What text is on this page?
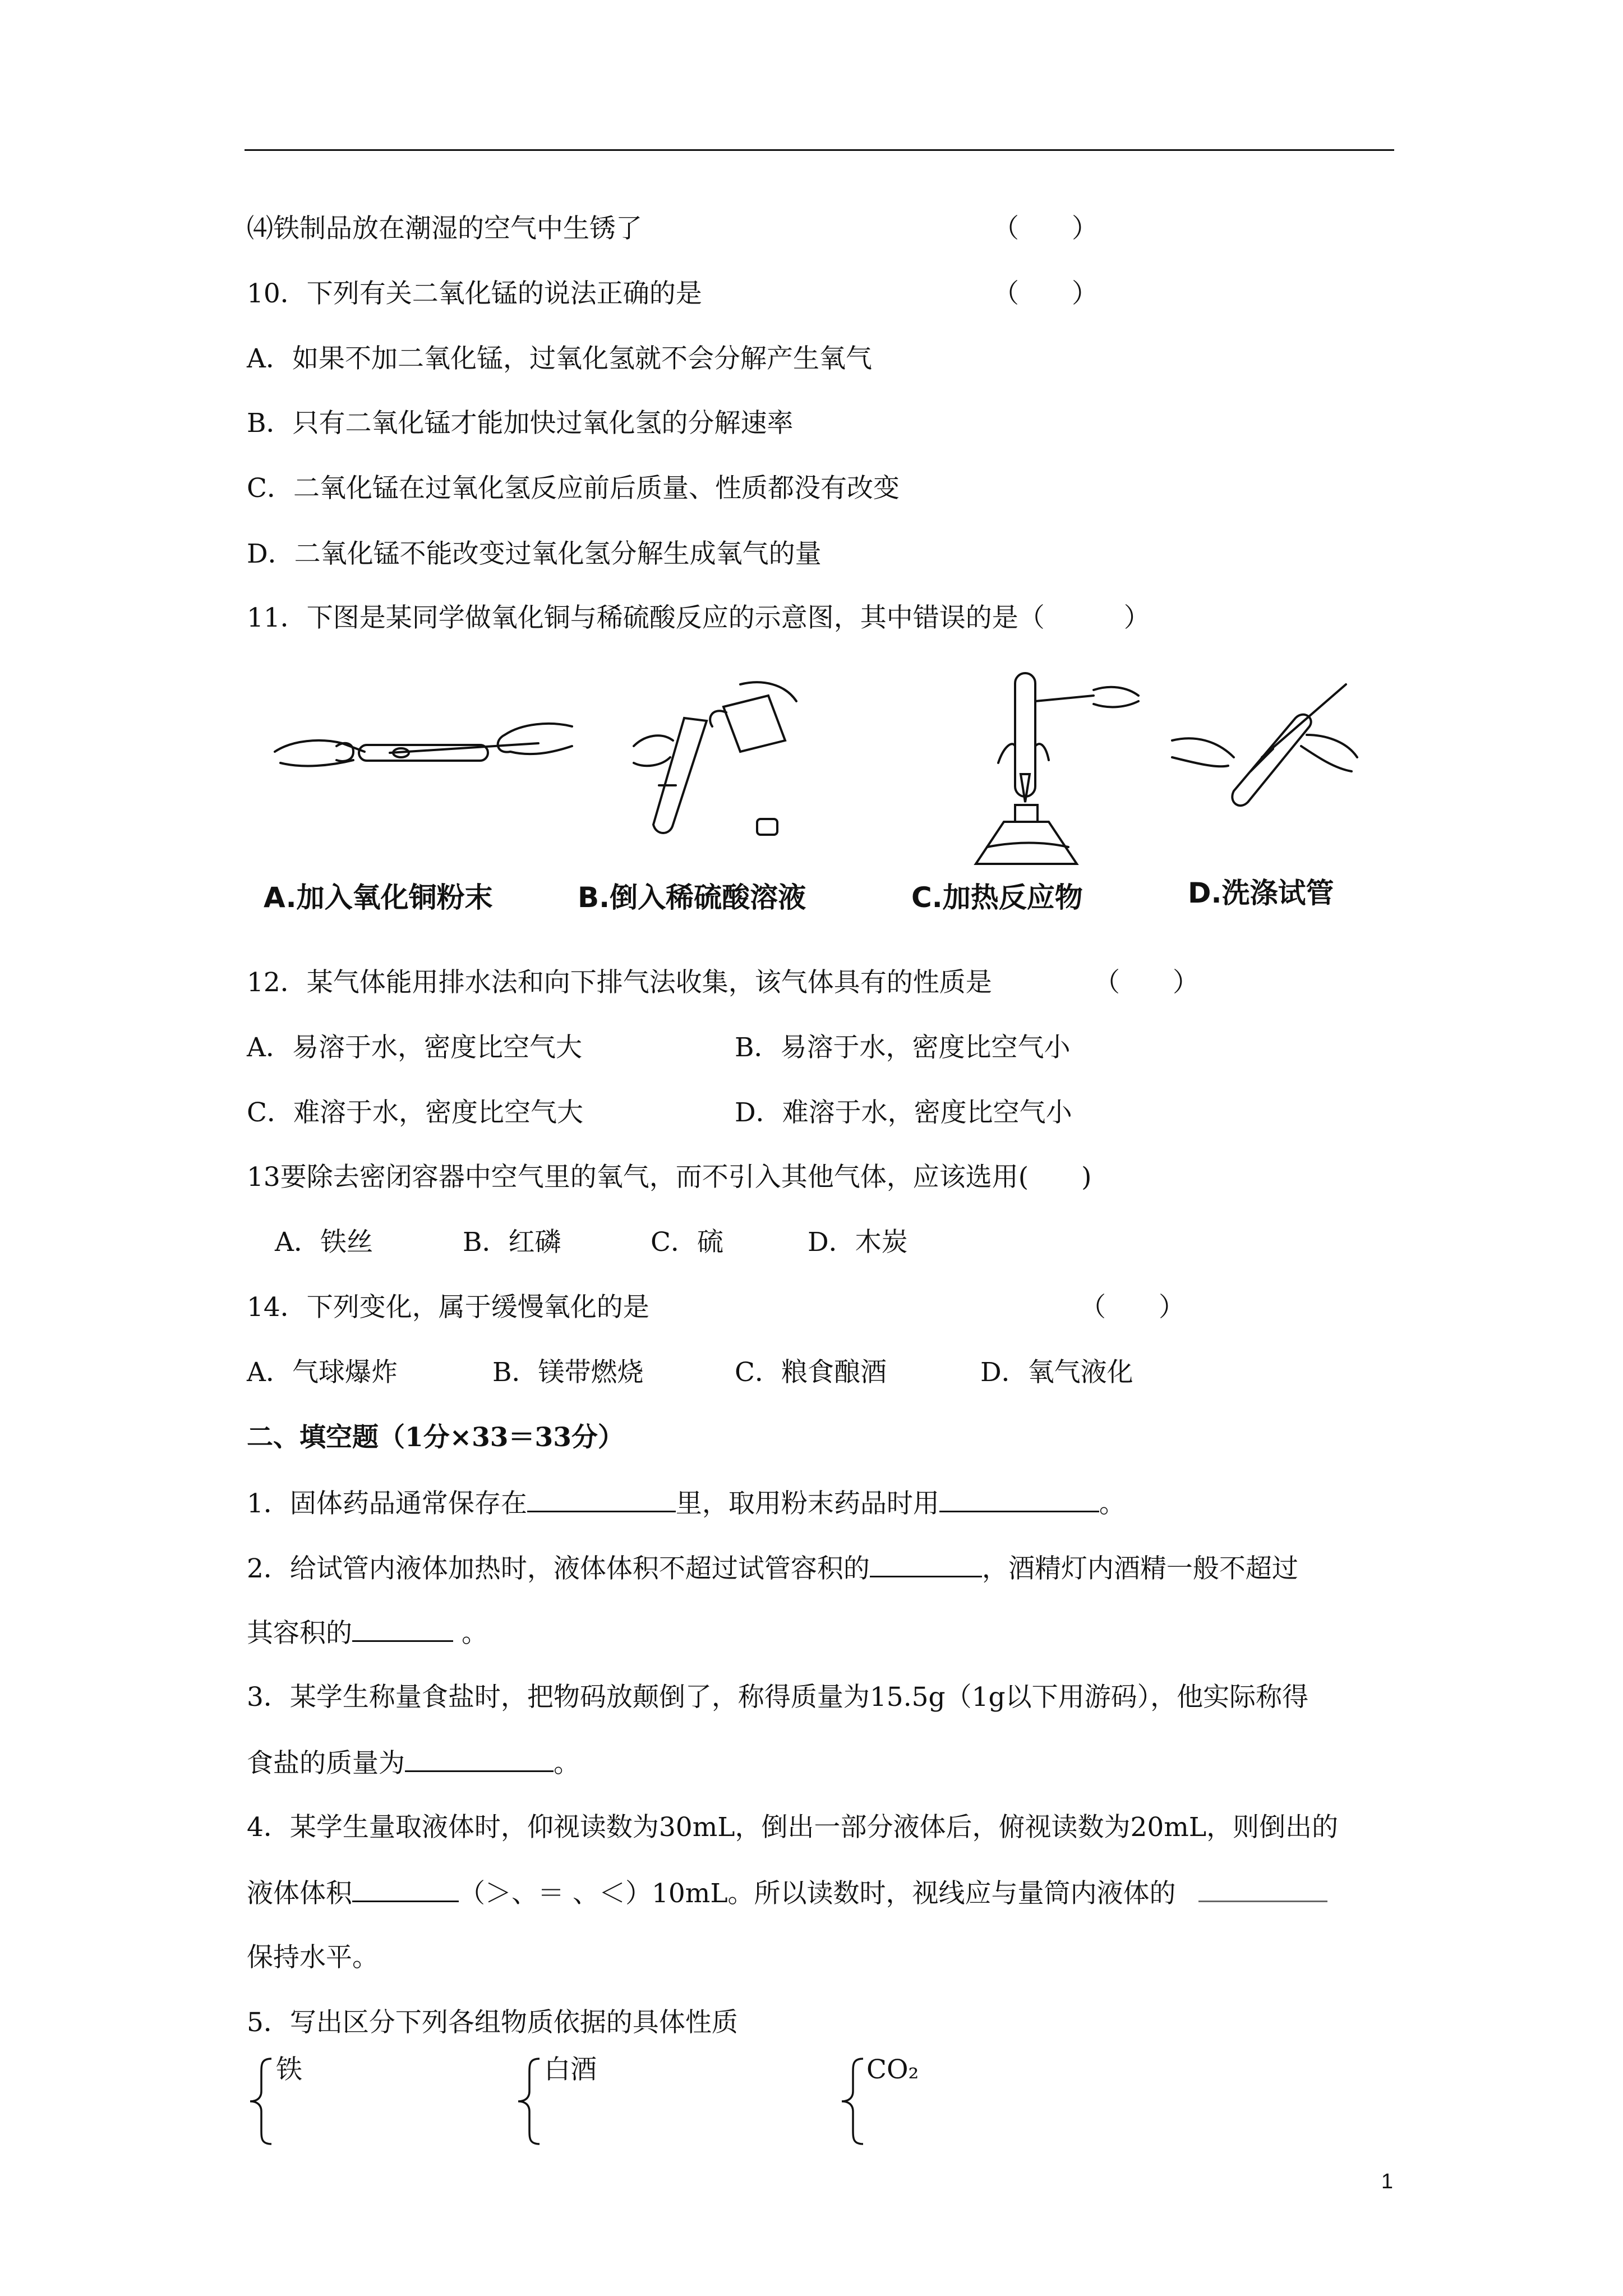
⑷铁制品放在潮湿的空气中生锈了	（　　）
10．下列有关二氧化锰的说法正确的是	（　　）
A．如果不加二氧化锰，过氧化氢就不会分解产生氧气
B．只有二氧化锰才能加快过氧化氢的分解速率
C．二氧化锰在过氧化氢反应前后质量、性质都没有改变
D．二氧化锰不能改变过氧化氢分解生成氧气的量
11．下图是某同学做氧化铜与稀硫酸反应的示意图，其中错误的是（　　　）
A.加入氧化铜粉末	B.倒入稀硫酸溶液	C.加热反应物	D.洗涤试管
12．某气体能用排水法和向下排气法收集，该气体具有的性质是	（　　）
A．易溶于水，密度比空气大	B．易溶于水，密度比空气小
C．难溶于水，密度比空气大	D．难溶于水，密度比空气小
13要除去密闭容器中空气里的氧气，而不引入其他气体，应该选用(　　)
A．铁丝	B．红磷	C．硫	D．木炭
14．下列变化，属于缓慢氧化的是	（　　）
A．气球爆炸	B．镁带燃烧	C．粮食酿酒	D．氧气液化
二、填空题（1分×33＝33分）
1．固体药品通常保存在	里，取用粉末药品时用	。
2．给试管内液体加热时，液体体积不超过试管容积的	，酒精灯内酒精一般不超过
其容积的	。
3．某学生称量食盐时，把物码放颠倒了，称得质量为15.5g（1g以下用游码），他实际称得
食盐的质量为	。
4．某学生量取液体时，仰视读数为30mL，倒出一部分液体后，俯视读数为20mL，则倒出的
液体体积	（＞、＝ 、＜）10mL。所以读数时，视线应与量筒内液体的
保持水平。
5．写出区分下列各组物质依据的具体性质
铁	白酒	CO₂
1
